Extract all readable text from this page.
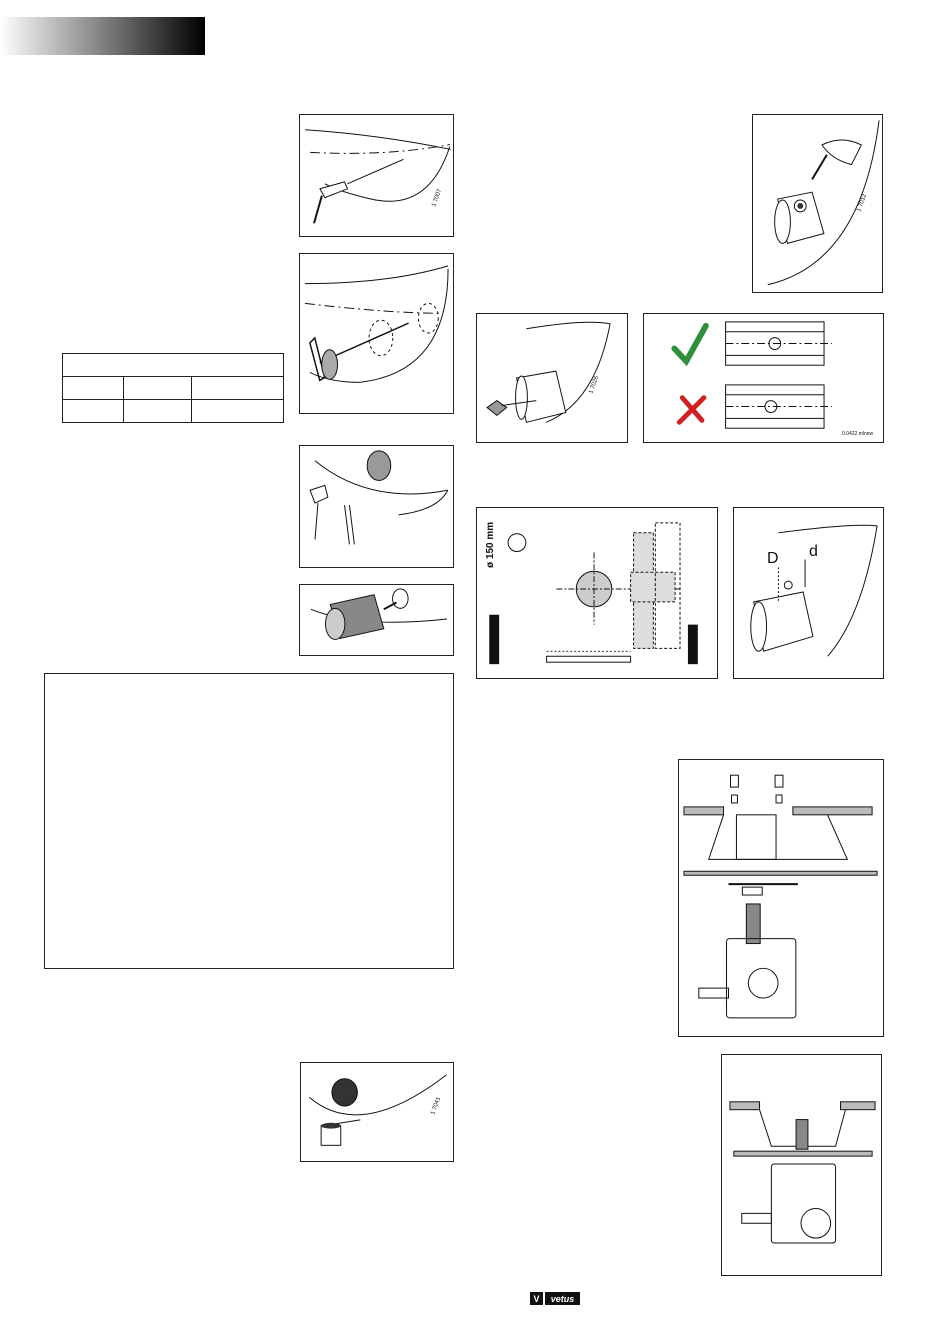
1 7007

1 7041
1 7012
1 7026
0.0422 mlnew
ø 150 mm	D d
V	vetus
